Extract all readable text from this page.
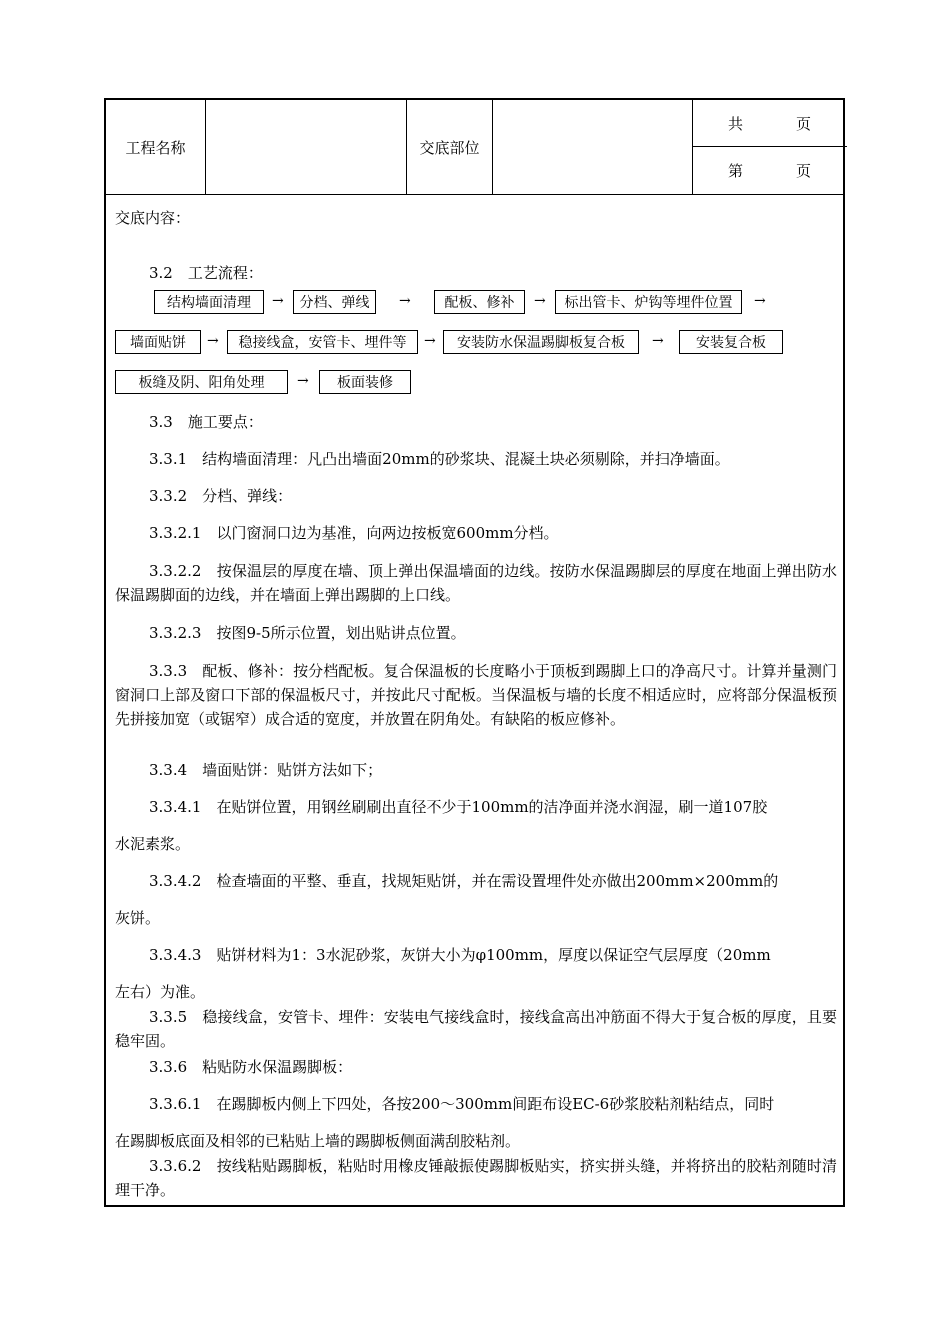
工程名称	交底部位
共	页
第	页
交底内容：
3.2　工艺流程：
结构墙面清理	→	分档、弹线	→	配板、修补	→	标出管卡、炉钩等埋件位置	→
墙面贴饼	→	稳接线盒，安管卡、埋件等	→	安装防水保温踢脚板复合板	→	安装复合板
板缝及阴、阳角处理	→	板面装修
3.3　施工要点：
3.3.1　结构墙面清理：凡凸出墙面20mm的砂浆块、混凝土块必须剔除，并扫净墙面。
3.3.2　分档、弹线：
3.3.2.1　以门窗洞口边为基准，向两边按板宽600mm分档。
3.3.2.2　按保温层的厚度在墙、顶上弹出保温墙面的边线。按防水保温踢脚层的厚度在地面上弹出防水保温踢脚面的边线，并在墙面上弹出踢脚的上口线。
3.3.2.3　按图9-5所示位置，划出贴讲点位置。
3.3.3　配板、修补：按分档配板。复合保温板的长度略小于顶板到踢脚上口的净高尺寸。计算并量测门窗洞口上部及窗口下部的保温板尺寸，并按此尺寸配板。当保温板与墙的长度不相适应时，应将部分保温板预先拼接加宽（或锯窄）成合适的宽度，并放置在阴角处。有缺陷的板应修补。
3.3.4　墙面贴饼：贴饼方法如下；
3.3.4.1　在贴饼位置，用钢丝刷刷出直径不少于100mm的洁净面并浇水润湿，刷一道107胶
水泥素浆。
3.3.4.2　检查墙面的平整、垂直，找规矩贴饼，并在需设置埋件处亦做出200mm×200mm的
灰饼。
3.3.4.3　贴饼材料为1：3水泥砂浆，灰饼大小为φ100mm，厚度以保证空气层厚度（20mm
左右）为准。
3.3.5　稳接线盒，安管卡、埋件：安装电气接线盒时，接线盒高出冲筋面不得大于复合板的厚度，且要稳牢固。
3.3.6　粘贴防水保温踢脚板：
3.3.6.1　在踢脚板内侧上下四处，各按200～300mm间距布设EC-6砂浆胶粘剂粘结点，同时
在踢脚板底面及相邻的已粘贴上墙的踢脚板侧面满刮胶粘剂。
3.3.6.2　按线粘贴踢脚板，粘贴时用橡皮锤敲振使踢脚板贴实，挤实拼头缝，并将挤出的胶粘剂随时清理干净。
